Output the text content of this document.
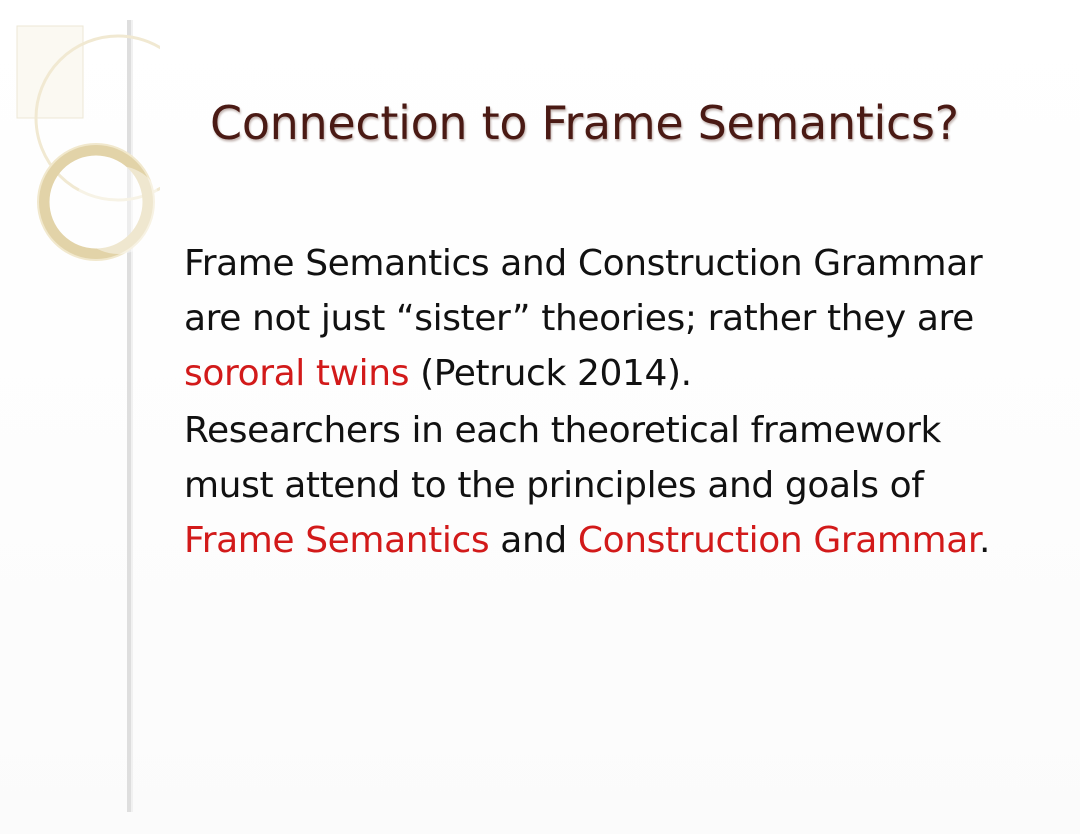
Connection to Frame Semantics?

Frame Semantics and Construction Grammar
are not just “sister” theories; rather they are
sororal twins (Petruck 2014).

Researchers in each theoretical framework
must attend to the principles and goals of
Frame Semantics and Construction Grammar.
